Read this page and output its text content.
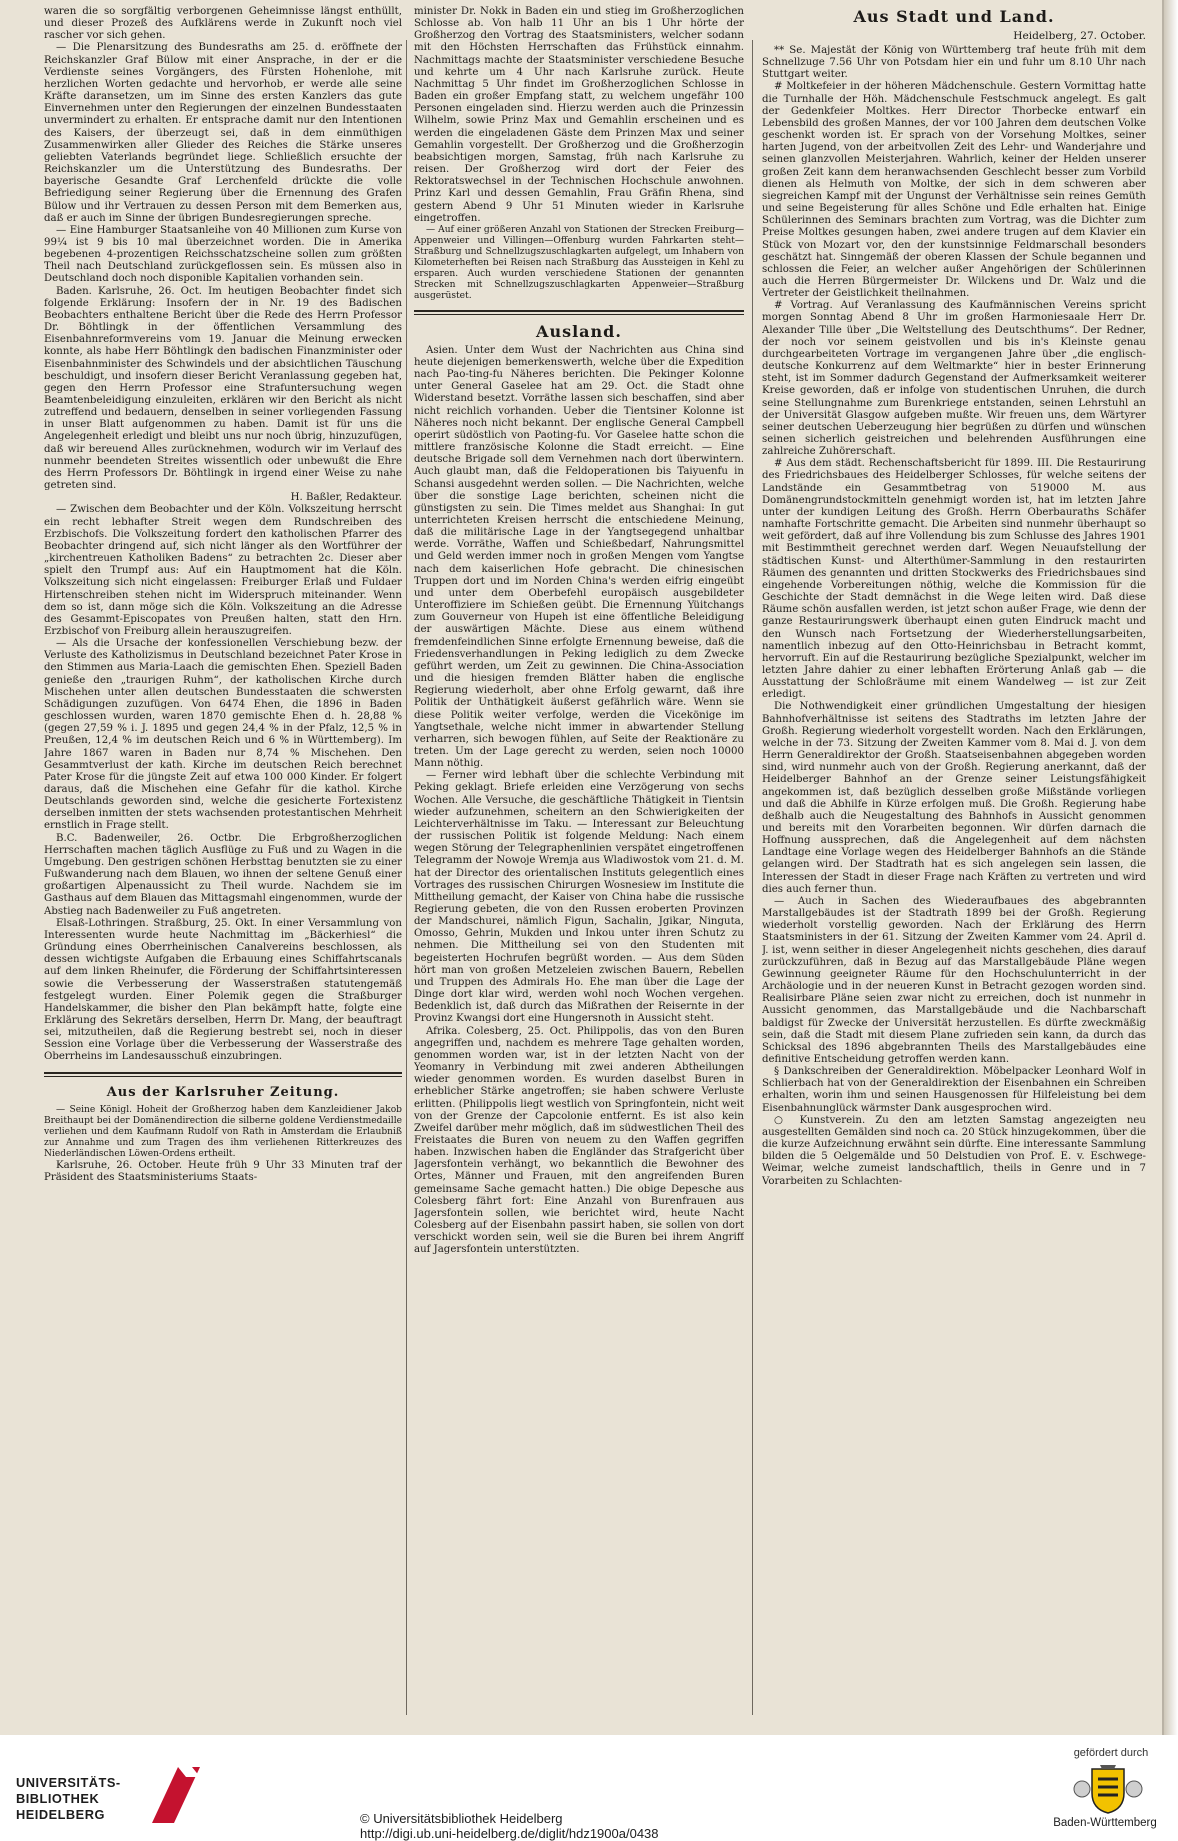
waren die so sorgfältig verborgenen Geheimnisse längst enthüllt, und dieser Prozeß des Aufklärens werde in Zukunft noch viel rascher vor sich gehen.

— Die Plenarsitzung des Bundesraths am 25. d. eröffnete der Reichskanzler Graf Bülow mit einer Ansprache, in der er die Verdienste seines Vorgängers, des Fürsten Hohenlohe, mit herzlichen Worten gedachte und hervorhob, er werde alle seine Kräfte daransetzen, um im Sinne des ersten Kanzlers das gute Einvernehmen unter den Regierungen der einzelnen Bundesstaaten unvermindert zu erhalten. Er entsprache damit nur den Intentionen des Kaisers, der überzeugt sei, daß in dem einmüthigen Zusammenwirken aller Glieder des Reiches die Stärke unseres geliebten Vaterlands begründet liege. Schließlich ersuchte der Reichskanzler um die Unterstützung des Bundesraths. Der bayerische Gesandte Graf Lerchenfeld drückte die volle Befriedigung seiner Regierung über die Ernennung des Grafen Bülow und ihr Vertrauen zu dessen Person mit dem Bemerken aus, daß er auch im Sinne der übrigen Bundesregierungen spreche.

— Eine Hamburger Staatsanleihe von 40 Millionen zum Kurse von 99¼ ist 9 bis 10 mal überzeichnet worden. Die in Amerika begebenen 4-prozentigen Reichsschatzscheine sollen zum größten Theil nach Deutschland zurückgeflossen sein. Es müssen also in Deutschland doch noch disponible Kapitalien vorhanden sein.

Baden. Karlsruhe, 26. Oct. Im heutigen Beobachter findet sich folgende Erklärung: Insofern der in Nr. 19 des Badischen Beobachters enthaltene Bericht über die Rede des Herrn Professor Dr. Böhtlingk in der öffentlichen Versammlung des Eisenbahnreformvereins vom 19. Januar die Meinung erwecken konnte, als habe Herr Böhtlingk den badischen Finanzminister oder Eisenbahnminister des Schwindels und der absichtlichen Täuschung beschuldigt, und insofern dieser Bericht Veranlassung gegeben hat, gegen den Herrn Professor eine Strafuntersuchung wegen Beamtenbeleidigung einzuleiten, erklären wir den Bericht als nicht zutreffend und bedauern, denselben in seiner vorliegenden Fassung in unser Blatt aufgenommen zu haben. Damit ist für uns die Angelegenheit erledigt und bleibt uns nur noch übrig, hinzuzufügen, daß wir bereuend Alles zurücknehmen, wodurch wir im Verlauf des nunmehr beendeten Streites wissentlich oder unbewußt die Ehre des Herrn Professors Dr. Böhtlingk in irgend einer Weise zu nahe getreten sind.

H. Baßler, Redakteur.

— Zwischen dem Beobachter und der Köln. Volkszeitung herrscht ein recht lebhafter Streit wegen dem Rundschreiben des Erzbischofs. Die Volkszeitung fordert den katholischen Pfarrer des Beobachter dringend auf, sich nicht länger als den Wortführer der „kirchentreuen Katholiken Badens“ zu betrachten 2c. Dieser aber spielt den Trumpf aus: Auf ein Hauptmoment hat die Köln. Volkszeitung sich nicht eingelassen: Freiburger Erlaß und Fuldaer Hirtenschreiben stehen nicht im Widerspruch miteinander. Wenn dem so ist, dann möge sich die Köln. Volkszeitung an die Adresse des Gesammt-Episcopates von Preußen halten, statt den Hrn. Erzbischof von Freiburg allein herauszugreifen.

— Als die Ursache der konfessionellen Verschiebung bezw. der Verluste des Katholizismus in Deutschland bezeichnet Pater Krose in den Stimmen aus Maria-Laach die gemischten Ehen. Speziell Baden genieße den „traurigen Ruhm“, der katholischen Kirche durch Mischehen unter allen deutschen Bundesstaaten die schwersten Schädigungen zuzufügen. Von 6474 Ehen, die 1896 in Baden geschlossen wurden, waren 1870 gemischte Ehen d. h. 28,88 % (gegen 27,59 % i. J. 1895 und gegen 24,4 % in der Pfalz, 12,5 % in Preußen, 12,4 % im deutschen Reich und 6 % in Württemberg). Im Jahre 1867 waren in Baden nur 8,74 % Mischehen. Den Gesammtverlust der kath. Kirche im deutschen Reich berechnet Pater Krose für die jüngste Zeit auf etwa 100 000 Kinder. Er folgert daraus, daß die Mischehen eine Gefahr für die kathol. Kirche Deutschlands geworden sind, welche die gesicherte Fortexistenz derselben inmitten der stets wachsenden protestantischen Mehrheit ernstlich in Frage stellt.

B.C. Badenweiler, 26. Octbr. Die Erbgroßherzoglichen Herrschaften machen täglich Ausflüge zu Fuß und zu Wagen in die Umgebung. Den gestrigen schönen Herbsttag benutzten sie zu einer Fußwanderung nach dem Blauen, wo ihnen der seltene Genuß einer großartigen Alpenaussicht zu Theil wurde. Nachdem sie im Gasthaus auf dem Blauen das Mittagsmahl eingenommen, wurde der Abstieg nach Badenweiler zu Fuß angetreten.

Elsaß-Lothringen. Straßburg, 25. Okt. In einer Versammlung von Interessenten wurde heute Nachmittag im „Bäckerhiesl“ die Gründung eines Oberrheinischen Canalvereins beschlossen, als dessen wichtigste Aufgaben die Erbauung eines Schiffahrtscanals auf dem linken Rheinufer, die Förderung der Schiffahrtsinteressen sowie die Verbesserung der Wasserstraßen statutengemäß festgelegt wurden. Einer Polemik gegen die Straßburger Handelskammer, die bisher den Plan bekämpft hatte, folgte eine Erklärung des Sekretärs derselben, Herrn Dr. Mang, der beauftragt sei, mitzutheilen, daß die Regierung bestrebt sei, noch in dieser Session eine Vorlage über die Verbesserung der Wasserstraße des Oberrheins im Landesausschuß einzubringen.

Aus der Karlsruher Zeitung.

— Seine Königl. Hoheit der Großherzog haben dem Kanzleidiener Jakob Breithaupt bei der Domänendirection die silberne goldene Verdienstmedaille verliehen und dem Kaufmann Rudolf von Rath in Amsterdam die Erlaubniß zur Annahme und zum Tragen des ihm verliehenen Ritterkreuzes des Niederländischen Löwen-Ordens ertheilt.

Karlsruhe, 26. October. Heute früh 9 Uhr 33 Minuten traf der Präsident des Staatsministeriums Staats-

minister Dr. Nokk in Baden ein und stieg im Großherzoglichen Schlosse ab. Von halb 11 Uhr an bis 1 Uhr hörte der Großherzog den Vortrag des Staatsministers, welcher sodann mit den Höchsten Herrschaften das Frühstück einnahm. Nachmittags machte der Staatsminister verschiedene Besuche und kehrte um 4 Uhr nach Karlsruhe zurück. Heute Nachmittag 5 Uhr findet im Großherzoglichen Schlosse in Baden ein großer Empfang statt, zu welchem ungefähr 100 Personen eingeladen sind. Hierzu werden auch die Prinzessin Wilhelm, sowie Prinz Max und Gemahlin erscheinen und es werden die eingeladenen Gäste dem Prinzen Max und seiner Gemahlin vorgestellt. Der Großherzog und die Großherzogin beabsichtigen morgen, Samstag, früh nach Karlsruhe zu reisen. Der Großherzog wird dort der Feier des Rektoratswechsel in der Technischen Hochschule anwohnen. Prinz Karl und dessen Gemahlin, Frau Gräfin Rhena, sind gestern Abend 9 Uhr 51 Minuten wieder in Karlsruhe eingetroffen.

— Auf einer größeren Anzahl von Stationen der Strecken Freiburg—Appenweier und Villingen—Offenburg wurden Fahrkarten steht—Straßburg und Schnellzugszuschlagkarten aufgelegt, um Inhabern von Kilometerheften bei Reisen nach Straßburg das Aussteigen in Kehl zu ersparen. Auch wurden verschiedene Stationen der genannten Strecken mit Schnellzugszuschlagkarten Appenweier—Straßburg ausgerüstet.

Ausland.

Asien. Unter dem Wust der Nachrichten aus China sind heute diejenigen bemerkenswerth, welche über die Expedition nach Pao-ting-fu Näheres berichten. Die Pekinger Kolonne unter General Gaselee hat am 29. Oct. die Stadt ohne Widerstand besetzt. Vorräthe lassen sich beschaffen, sind aber nicht reichlich vorhanden. Ueber die Tientsiner Kolonne ist Näheres noch nicht bekannt. Der englische General Campbell operirt südöstlich von Paoting-fu. Vor Gaselee hatte schon die mittlere französische Kolonne die Stadt erreicht. — Eine deutsche Brigade soll dem Vernehmen nach dort überwintern. Auch glaubt man, daß die Feldoperationen bis Taiyuenfu in Schansi ausgedehnt werden sollen. — Die Nachrichten, welche über die sonstige Lage berichten, scheinen nicht die günstigsten zu sein. Die Times meldet aus Shanghai: In gut unterrichteten Kreisen herrscht die entschiedene Meinung, daß die militärische Lage in der Yangtsegegend unhaltbar werde. Vorräthe, Waffen und Schießbedarf, Nahrungsmittel und Geld werden immer noch in großen Mengen vom Yangtse nach dem kaiserlichen Hofe gebracht. Die chinesischen Truppen dort und im Norden China's werden eifrig eingeübt und unter dem Oberbefehl europäisch ausgebildeter Unteroffiziere im Schießen geübt. Die Ernennung Yüitchangs zum Gouverneur von Hupeh ist eine öffentliche Beleidigung der auswärtigen Mächte. Diese aus einem wüthend fremdenfeindlichen Sinne erfolgte Ernennung beweise, daß die Friedensverhandlungen in Peking lediglich zu dem Zwecke geführt werden, um Zeit zu gewinnen. Die China-Association und die hiesigen fremden Blätter haben die englische Regierung wiederholt, aber ohne Erfolg gewarnt, daß ihre Politik der Unthätigkeit äußerst gefährlich wäre. Wenn sie diese Politik weiter verfolge, werden die Vicekönige im Yangtsethale, welche nicht immer in abwartender Stellung verharren, sich bewogen fühlen, auf Seite der Reaktionäre zu treten. Um der Lage gerecht zu werden, seien noch 10000 Mann nöthig.

— Ferner wird lebhaft über die schlechte Verbindung mit Peking geklagt. Briefe erleiden eine Verzögerung von sechs Wochen. Alle Versuche, die geschäftliche Thätigkeit in Tientsin wieder aufzunehmen, scheitern an den Schwierigkeiten der Leichterverhältnisse im Taku. — Interessant zur Beleuchtung der russischen Politik ist folgende Meldung: Nach einem wegen Störung der Telegraphenlinien verspätet eingetroffenen Telegramm der Nowoje Wremja aus Wladiwostok vom 21. d. M. hat der Director des orientalischen Instituts gelegentlich eines Vortrages des russischen Chirurgen Wosnesiew im Institute die Mittheilung gemacht, der Kaiser von China habe die russische Regierung gebeten, die von den Russen eroberten Provinzen der Mandschurei, nämlich Figun, Sachalin, Jgikar, Ninguta, Omosso, Gehrin, Mukden und Inkou unter ihren Schutz zu nehmen. Die Mittheilung sei von den Studenten mit begeisterten Hochrufen begrüßt worden. — Aus dem Süden hört man von großen Metzeleien zwischen Bauern, Rebellen und Truppen des Admirals Ho. Ehe man über die Lage der Dinge dort klar wird, werden wohl noch Wochen vergehen. Bedenklich ist, daß durch das Mißrathen der Reisernte in der Provinz Kwangsi dort eine Hungersnoth in Aussicht steht.

Afrika. Colesberg, 25. Oct. Philippolis, das von den Buren angegriffen und, nachdem es mehrere Tage gehalten worden, genommen worden war, ist in der letzten Nacht von der Yeomanry in Verbindung mit zwei anderen Abtheilungen wieder genommen worden. Es wurden daselbst Buren in erheblicher Stärke angetroffen; sie haben schwere Verluste erlitten. (Philippolis liegt westlich von Springfontein, nicht weit von der Grenze der Capcolonie entfernt. Es ist also kein Zweifel darüber mehr möglich, daß im südwestlichen Theil des Freistaates die Buren von neuem zu den Waffen gegriffen haben. Inzwischen haben die Engländer das Strafgericht über Jagersfontein verhängt, wo bekanntlich die Bewohner des Ortes, Männer und Frauen, mit den angreifenden Buren gemeinsame Sache gemacht hatten.) Die obige Depesche aus Colesberg fährt fort: Eine Anzahl von Burenfrauen aus Jagersfontein sollen, wie berichtet wird, heute Nacht Colesberg auf der Eisenbahn passirt haben, sie sollen von dort verschickt worden sein, weil sie die Buren bei ihrem Angriff auf Jagersfontein unterstützten.

Aus Stadt und Land.
Heidelberg, 27. October.

** Se. Majestät der König von Württemberg traf heute früh mit dem Schnellzuge 7.56 Uhr von Potsdam hier ein und fuhr um 8.10 Uhr nach Stuttgart weiter.

# Moltkefeier in der höheren Mädchenschule. Gestern Vormittag hatte die Turnhalle der Höh. Mädchenschule Festschmuck angelegt. Es galt der Gedenkfeier Moltkes. Herr Director Thorbecke entwarf ein Lebensbild des großen Mannes, der vor 100 Jahren dem deutschen Volke geschenkt worden ist. Er sprach von der Vorsehung Moltkes, seiner harten Jugend, von der arbeitvollen Zeit des Lehr- und Wanderjahre und seinen glanzvollen Meisterjahren. Wahrlich, keiner der Helden unserer großen Zeit kann dem heranwachsenden Geschlecht besser zum Vorbild dienen als Helmuth von Moltke, der sich in dem schweren aber siegreichen Kampf mit der Ungunst der Verhältnisse sein reines Gemüth und seine Begeisterung für alles Schöne und Edle erhalten hat. Einige Schülerinnen des Seminars brachten zum Vortrag, was die Dichter zum Preise Moltkes gesungen haben, zwei andere trugen auf dem Klavier ein Stück von Mozart vor, den der kunstsinnige Feldmarschall besonders geschätzt hat. Sinngemäß der oberen Klassen der Schule begannen und schlossen die Feier, an welcher außer Angehörigen der Schülerinnen auch die Herren Bürgermeister Dr. Wilckens und Dr. Walz und die Vertreter der Geistlichkeit theilnahmen.

# Vortrag. Auf Veranlassung des Kaufmännischen Vereins spricht morgen Sonntag Abend 8 Uhr im großen Harmoniesaale Herr Dr. Alexander Tille über „Die Weltstellung des Deutschthums“. Der Redner, der noch vor seinem geistvollen und bis in's Kleinste genau durchgearbeiteten Vortrage im vergangenen Jahre über „die englisch-deutsche Konkurrenz auf dem Weltmarkte“ hier in bester Erinnerung steht, ist im Sommer dadurch Gegenstand der Aufmerksamkeit weiterer Kreise geworden, daß er infolge von studentischen Unruhen, die durch seine Stellungnahme zum Burenkriege entstanden, seinen Lehrstuhl an der Universität Glasgow aufgeben mußte. Wir freuen uns, dem Wärtyrer seiner deutschen Ueberzeugung hier begrüßen zu dürfen und wünschen seinen sicherlich geistreichen und belehrenden Ausführungen eine zahlreiche Zuhörerschaft.

# Aus dem städt. Rechenschaftsbericht für 1899. III. Die Restaurirung des Friedrichsbaues des Heidelberger Schlosses, für welche seitens der Landstände ein Gesammtbetrag von 519000 M. aus Domänengrundstockmitteln genehmigt worden ist, hat im letzten Jahre unter der kundigen Leitung des Großh. Herrn Oberbauraths Schäfer namhafte Fortschritte gemacht. Die Arbeiten sind nunmehr überhaupt so weit gefördert, daß auf ihre Vollendung bis zum Schlusse des Jahres 1901 mit Bestimmtheit gerechnet werden darf. Wegen Neuaufstellung der städtischen Kunst- und Alterthümer-Sammlung in den restaurirten Räumen des genannten und dritten Stockwerks des Friedrichsbaues sind eingehende Vorbereitungen nöthig, welche die Kommission für die Geschichte der Stadt demnächst in die Wege leiten wird. Daß diese Räume schön ausfallen werden, ist jetzt schon außer Frage, wie denn der ganze Restaurirungswerk überhaupt einen guten Eindruck macht und den Wunsch nach Fortsetzung der Wiederherstellungsarbeiten, namentlich inbezug auf den Otto-Heinrichsbau in Betracht kommt, hervorruft. Ein auf die Restaurirung bezügliche Spezialpunkt, welcher im letzten Jahre dahier zu einer lebhaften Erörterung Anlaß gab — die Ausstattung der Schloßräume mit einem Wandelweg — ist zur Zeit erledigt.

Die Nothwendigkeit einer gründlichen Umgestaltung der hiesigen Bahnhofverhältnisse ist seitens des Stadtraths im letzten Jahre der Großh. Regierung wiederholt vorgestellt worden. Nach den Erklärungen, welche in der 73. Sitzung der Zweiten Kammer vom 8. Mai d. J. von dem Herrn Generaldirektor der Großh. Staatseisenbahnen abgegeben worden sind, wird nunmehr auch von der Großh. Regierung anerkannt, daß der Heidelberger Bahnhof an der Grenze seiner Leistungsfähigkeit angekommen ist, daß bezüglich desselben große Mißstände vorliegen und daß die Abhilfe in Kürze erfolgen muß. Die Großh. Regierung habe deßhalb auch die Neugestaltung des Bahnhofs in Aussicht genommen und bereits mit den Vorarbeiten begonnen. Wir dürfen darnach die Hoffnung aussprechen, daß die Angelegenheit auf dem nächsten Landtage eine Vorlage wegen des Heidelberger Bahnhofs an die Stände gelangen wird. Der Stadtrath hat es sich angelegen sein lassen, die Interessen der Stadt in dieser Frage nach Kräften zu vertreten und wird dies auch ferner thun.

— Auch in Sachen des Wiederaufbaues des abgebrannten Marstallgebäudes ist der Stadtrath 1899 bei der Großh. Regierung wiederholt vorstellig geworden. Nach der Erklärung des Herrn Staatsministers in der 61. Sitzung der Zweiten Kammer vom 24. April d. J. ist, wenn seither in dieser Angelegenheit nichts geschehen, dies darauf zurückzuführen, daß in Bezug auf das Marstallgebäude Pläne wegen Gewinnung geeigneter Räume für den Hochschulunterricht in der Archäologie und in der neueren Kunst in Betracht gezogen worden sind. Realisirbare Pläne seien zwar nicht zu erreichen, doch ist nunmehr in Aussicht genommen, das Marstallgebäude und die Nachbarschaft baldigst für Zwecke der Universität herzustellen. Es dürfte zweckmäßig sein, daß die Stadt mit diesem Plane zufrieden sein kann, da durch das Schicksal des 1896 abgebrannten Theils des Marstallgebäudes eine definitive Entscheidung getroffen werden kann.

§ Dankschreiben der Generaldirektion. Möbelpacker Leonhard Wolf in Schlierbach hat von der Generaldirektion der Eisenbahnen ein Schreiben erhalten, worin ihm und seinen Hausgenossen für Hilfeleistung bei dem Eisenbahnunglück wärmster Dank ausgesprochen wird.

○ Kunstverein. Zu den am letzten Samstag angezeigten neu ausgestellten Gemälden sind noch ca. 20 Stück hinzugekommen, über die die kurze Aufzeichnung erwähnt sein dürfte. Eine interessante Sammlung bilden die 5 Oelgemälde und 50 Delstudien von Prof. E. v. Eschwege-Weimar, welche zumeist landschaftlich, theils in Genre und in 7 Vorarbeiten zu Schlachten-

UNIVERSITÄTS-
BIBLIOTHEK
HEIDELBERG	© Universitätsbibliothek Heidelberg
http://digi.ub.uni-heidelberg.de/diglit/hdz1900a/0438
gefördert durch
Baden-Württemberg
